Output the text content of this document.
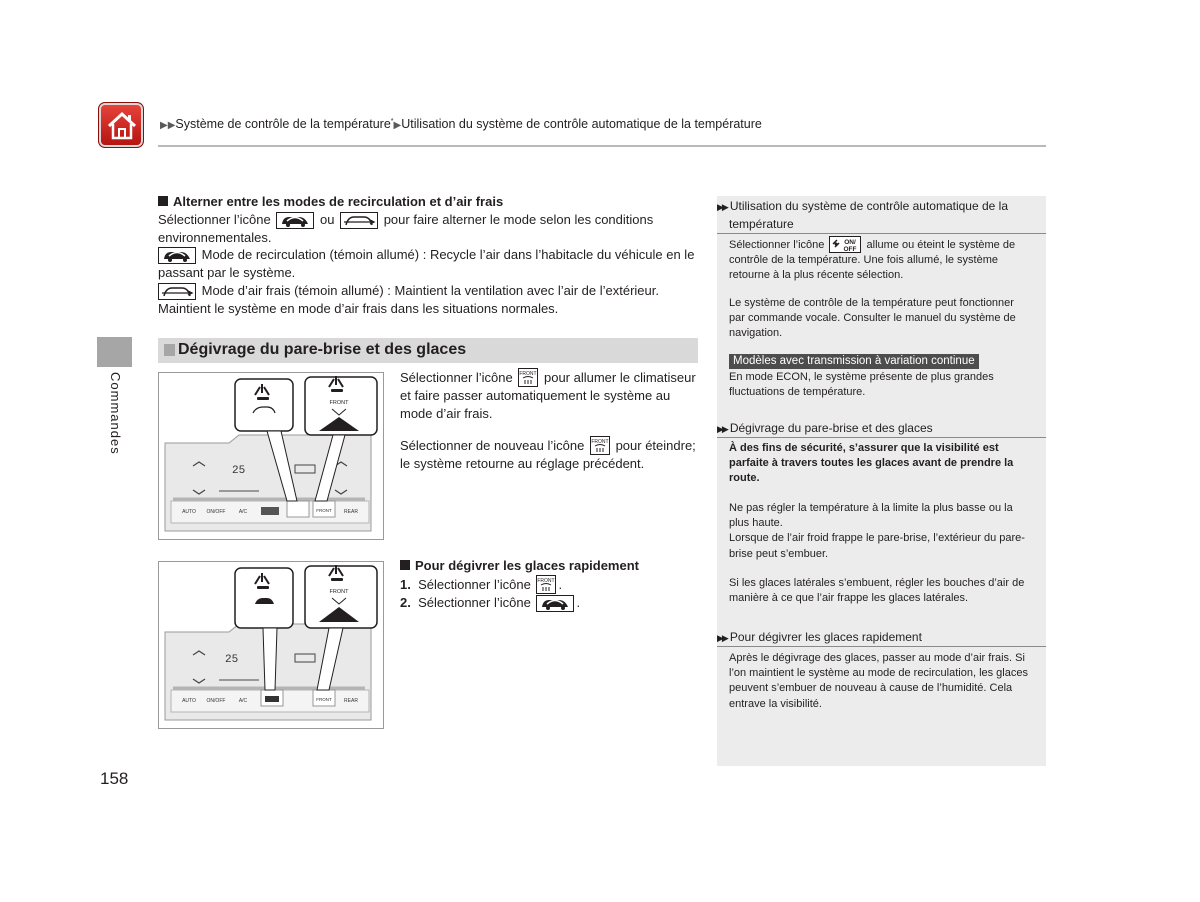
▶▶Système de contrôle de la température*▶Utilisation du système de contrôle automatique de la température
Commandes
158
Alterner entre les modes de recirculation et d’air frais
Sélectionner l’icône	ou	pour faire alterner le mode selon les conditions
environnementales.
Mode de recirculation (témoin allumé) : Recycle l’air dans l’habitacle du véhicule en le
passant par le système.
Mode d’air frais (témoin allumé) : Maintient la ventilation avec l’air de l’extérieur.
Maintient le système en mode d’air frais dans les situations normales.
Dégivrage du pare-brise et des glaces
AUTO ON/OFF	A/C	FRONT REAR
25
FRONT
Sélectionner l’icône FRONT pour allumer le climatiseur
et faire passer automatiquement le système au
mode d’air frais.
Sélectionner de nouveau l’icône FRONT pour éteindre;
le système retourne au réglage précédent.
AUTO ON/OFF	A/C	FRONT REAR
25
FRONT
Pour dégivrer les glaces rapidement
1. Sélectionner l’icône FRONT .
2. Sélectionner l’icône	.
▶▶ Utilisation du système de contrôle automatique de la
température
Sélectionner l’icône	ON/
OFF allume ou éteint le système de
contrôle de la température. Une fois allumé, le système
retourne à la plus récente sélection.
Le système de contrôle de la température peut fonctionner
par commande vocale. Consulter le manuel du système de
navigation.
Modèles avec transmission à variation continue
En mode ECON, le système présente de plus grandes
fluctuations de température.
▶▶ Dégivrage du pare-brise et des glaces
À des fins de sécurité, s’assurer que la visibilité est
parfaite à travers toutes les glaces avant de prendre la
route.
Ne pas régler la température à la limite la plus basse ou la
plus haute.
Lorsque de l’air froid frappe le pare-brise, l’extérieur du pare-
brise peut s’embuer.
Si les glaces latérales s’embuent, régler les bouches d’air de
manière à ce que l’air frappe les glaces latérales.
▶▶ Pour dégivrer les glaces rapidement
Après le dégivrage des glaces, passer au mode d’air frais. Si
l’on maintient le système au mode de recirculation, les glaces
peuvent s’embuer de nouveau à cause de l’humidité. Cela
entrave la visibilité.
